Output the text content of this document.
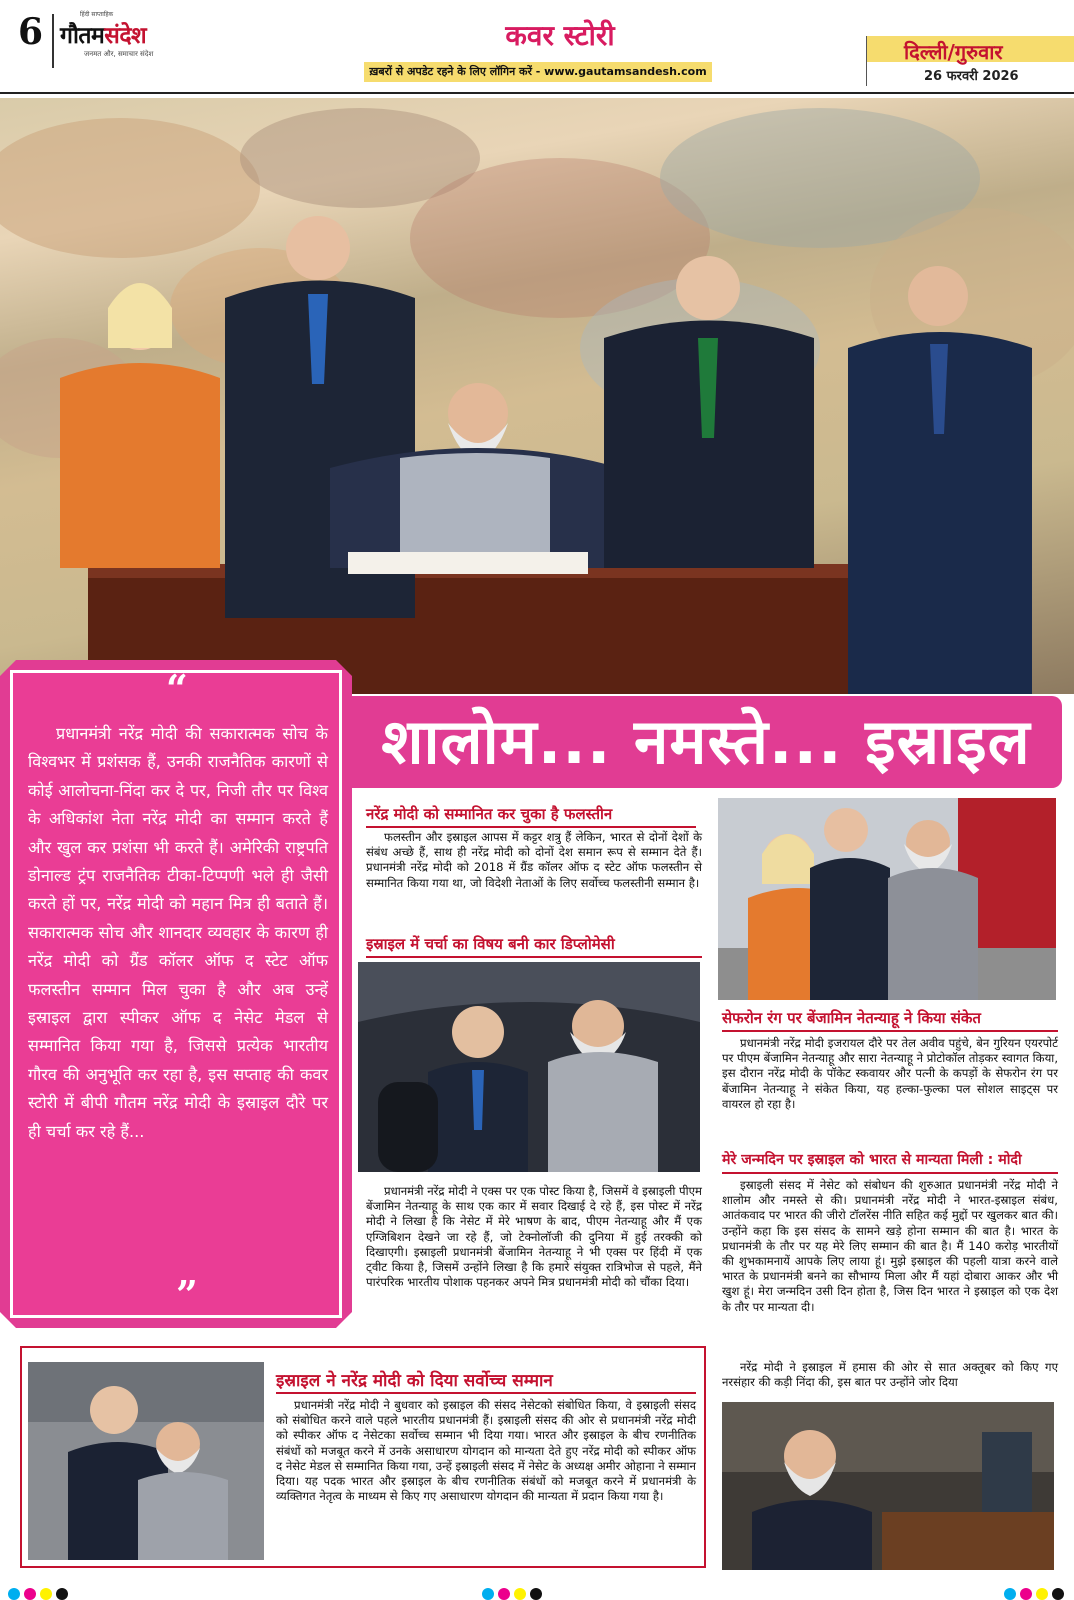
6	हिंदी साप्ताहिक
गौतमसंदेश
जनमत और, समाचार संदेश
कवर स्टोरी
ख़बरों से अपडेट रहने के लिए लॉगिन करें - www.gautamsandesh.com
दिल्ली/गुरुवार
26 फरवरी 2026
“
प्रधानमंत्री नरेंद्र मोदी की सकारात्मक सोच के विश्वभर में प्रशंसक हैं, उनकी राजनैतिक कारणों से कोई आलोचना-निंदा कर दे पर, निजी तौर पर विश्व के अधिकांश नेता नरेंद्र मोदी का सम्मान करते हैं और खुल कर प्रशंसा भी करते हैं। अमेरिकी राष्ट्रपति डोनाल्ड ट्रंप राजनैतिक टीका-टिप्पणी भले ही जैसी करते हों पर, नरेंद्र मोदी को महान मित्र ही बताते हैं। सकारात्मक सोच और शानदार व्यवहार के कारण ही नरेंद्र मोदी को ग्रैंड कॉलर ऑफ द स्टेट ऑफ फलस्तीन सम्मान मिल चुका है और अब उन्हें इस्राइल द्वारा स्पीकर ऑफ द नेसेट मेडल से सम्मानित किया गया है, जिससे प्रत्येक भारतीय गौरव की अनुभूति कर रहा है, इस सप्ताह की कवर स्टोरी में बीपी गौतम नरेंद्र मोदी के इस्राइल दौरे पर ही चर्चा कर रहे हैं...
”
शालोम... नमस्ते... इस्राइल
नरेंद्र मोदी को सम्मानित कर चुका है फलस्तीन
फलस्तीन और इस्राइल आपस में कट्टर शत्रु हैं लेकिन, भारत से दोनों देशों के संबंध अच्छे हैं, साथ ही नरेंद्र मोदी को दोनों देश समान रूप से सम्मान देते हैं। प्रधानमंत्री नरेंद्र मोदी को 2018 में ग्रैंड कॉलर ऑफ द स्टेट ऑफ फलस्तीन से सम्मानित किया गया था, जो विदेशी नेताओं के लिए सर्वोच्च फलस्तीनी सम्मान है।
इस्राइल में चर्चा का विषय बनी कार डिप्लोमेसी
प्रधानमंत्री नरेंद्र मोदी ने एक्स पर एक पोस्ट किया है, जिसमें वे इस्राइली पीएम बेंजामिन नेतन्याहू के साथ एक कार में सवार दिखाई दे रहे हैं, इस पोस्ट में नरेंद्र मोदी ने लिखा है कि नेसेट में मेरे भाषण के बाद, पीएम नेतन्याहू और मैं एक एग्जिबिशन देखने जा रहे हैं, जो टेक्नोलॉजी की दुनिया में हुई तरक्की को दिखाएगी। इस्राइली प्रधानमंत्री बेंजामिन नेतन्याहू ने भी एक्स पर हिंदी में एक ट्वीट किया है, जिसमें उन्होंने लिखा है कि हमारे संयुक्त रात्रिभोज से पहले, मैंने पारंपरिक भारतीय पोशाक पहनकर अपने मित्र प्रधानमंत्री मोदी को चौंका दिया।
सेफरोन रंग पर बेंजामिन नेतन्याहू ने किया संकेत
प्रधानमंत्री नरेंद्र मोदी इजरायल दौरे पर तेल अवीव पहुंचे, बेन गुरियन एयरपोर्ट पर पीएम बेंजामिन नेतन्याहू और सारा नेतन्याहू ने प्रोटोकॉल तोड़कर स्वागत किया, इस दौरान नरेंद्र मोदी के पॉकेट स्कवायर और पत्नी के कपड़ों के सेफरोन रंग पर बेंजामिन नेतन्याहू ने संकेत किया, यह हल्का-फुल्का पल सोशल साइट्स पर वायरल हो रहा है।
मेरे जन्मदिन पर इस्राइल को भारत से मान्यता मिली : मोदी
इस्राइली संसद में नेसेट को संबोधन की शुरुआत प्रधानमंत्री नरेंद्र मोदी ने शालोम और नमस्ते से की। प्रधानमंत्री नरेंद्र मोदी ने भारत-इस्राइल संबंध, आतंकवाद पर भारत की जीरो टॉलरेंस नीति सहित कई मुद्दों पर खुलकर बात की। उन्होंने कहा कि इस संसद के सामने खड़े होना सम्मान की बात है। भारत के प्रधानमंत्री के तौर पर यह मेरे लिए सम्मान की बात है। मैं 140 करोड़ भारतीयों की शुभकामनायें आपके लिए लाया हूं। मुझे इस्राइल की पहली यात्रा करने वाले भारत के प्रधानमंत्री बनने का सौभाग्य मिला और मैं यहां दोबारा आकर और भी खुश हूं। मेरा जन्मदिन उसी दिन होता है, जिस दिन भारत ने इस्राइल को एक देश के तौर पर मान्यता दी।
नरेंद्र मोदी ने इस्राइल में हमास की ओर से सात अक्तूबर को किए गए नरसंहार की कड़ी निंदा की, इस बात पर उन्होंने जोर दिया
इस्राइल ने नरेंद्र मोदी को दिया सर्वोच्च सम्मान
प्रधानमंत्री नरेंद्र मोदी ने बुधवार को इस्राइल की संसद नेसेटको संबोधित किया, वे इस्राइली संसद को संबोधित करने वाले पहले भारतीय प्रधानमंत्री हैं। इस्राइली संसद की ओर से प्रधानमंत्री नरेंद्र मोदी को स्पीकर ऑफ द नेसेटका सर्वोच्च सम्मान भी दिया गया। भारत और इस्राइल के बीच रणनीतिक संबंधों को मजबूत करने में उनके असाधारण योगदान को मान्यता देते हुए नरेंद्र मोदी को स्पीकर ऑफ द नेसेट मेडल से सम्मानित किया गया, उन्हें इस्राइली संसद में नेसेट के अध्यक्ष अमीर ओहाना ने सम्मान दिया। यह पदक भारत और इस्राइल के बीच रणनीतिक संबंधों को मजबूत करने में प्रधानमंत्री के व्यक्तिगत नेतृत्व के माध्यम से किए गए असाधारण योगदान की मान्यता में प्रदान किया गया है।
